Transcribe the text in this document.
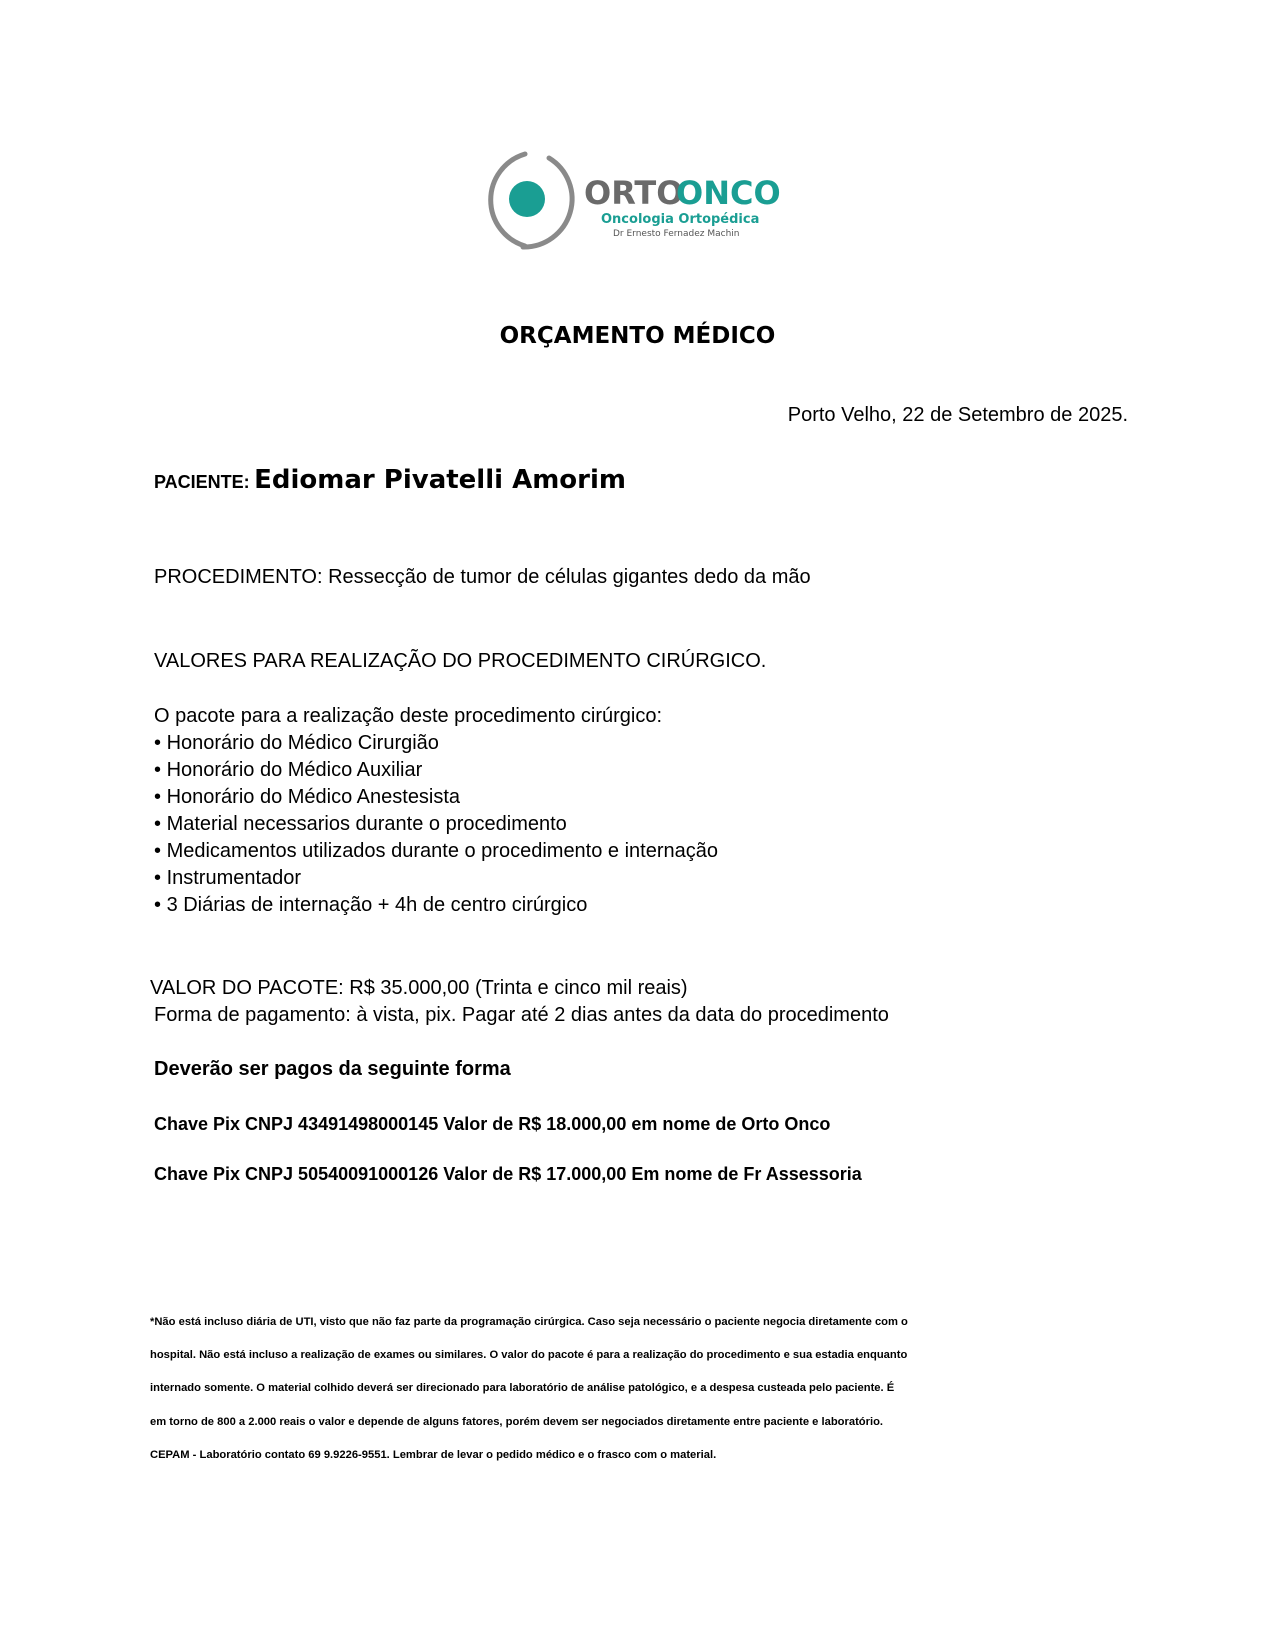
ORTO
ONCO
Oncologia Ortopédica
Dr Ernesto Fernadez Machin
ORÇAMENTO MÉDICO
Porto Velho, 22 de Setembro de 2025.
PACIENTE: Ediomar Pivatelli Amorim
PROCEDIMENTO: Ressecção de tumor de células gigantes dedo da mão
VALORES PARA REALIZAÇÃO DO PROCEDIMENTO CIRÚRGICO.
O pacote para a realização deste procedimento cirúrgico:
• Honorário do Médico Cirurgião
• Honorário do Médico Auxiliar
• Honorário do Médico Anestesista
• Material necessarios durante o procedimento
• Medicamentos utilizados durante o procedimento e internação
• Instrumentador
• 3 Diárias de internação + 4h de centro cirúrgico
VALOR DO PACOTE: R$ 35.000,00 (Trinta e cinco mil reais)
Forma de pagamento: à vista, pix. Pagar até 2 dias antes da data do procedimento
Deverão ser pagos da seguinte forma
Chave Pix CNPJ 43491498000145 Valor de R$ 18.000,00 em nome de Orto Onco
Chave Pix CNPJ 50540091000126 Valor de R$ 17.000,00 Em nome de Fr Assessoria
*Não está incluso diária de UTI, visto que não faz parte da programação cirúrgica. Caso seja necessário o paciente negocia diretamente com o hospital. Não está incluso a realização de exames ou similares. O valor do pacote é para a realização do procedimento e sua estadia enquanto internado somente. O material colhido deverá ser direcionado para laboratório de análise patológico, e a despesa custeada pelo paciente. É em torno de 800 a 2.000 reais o valor e depende de alguns fatores, porém devem ser negociados diretamente entre paciente e laboratório. CEPAM - Laboratório contato 69 9.9226-9551. Lembrar de levar o pedido médico e o frasco com o material.
